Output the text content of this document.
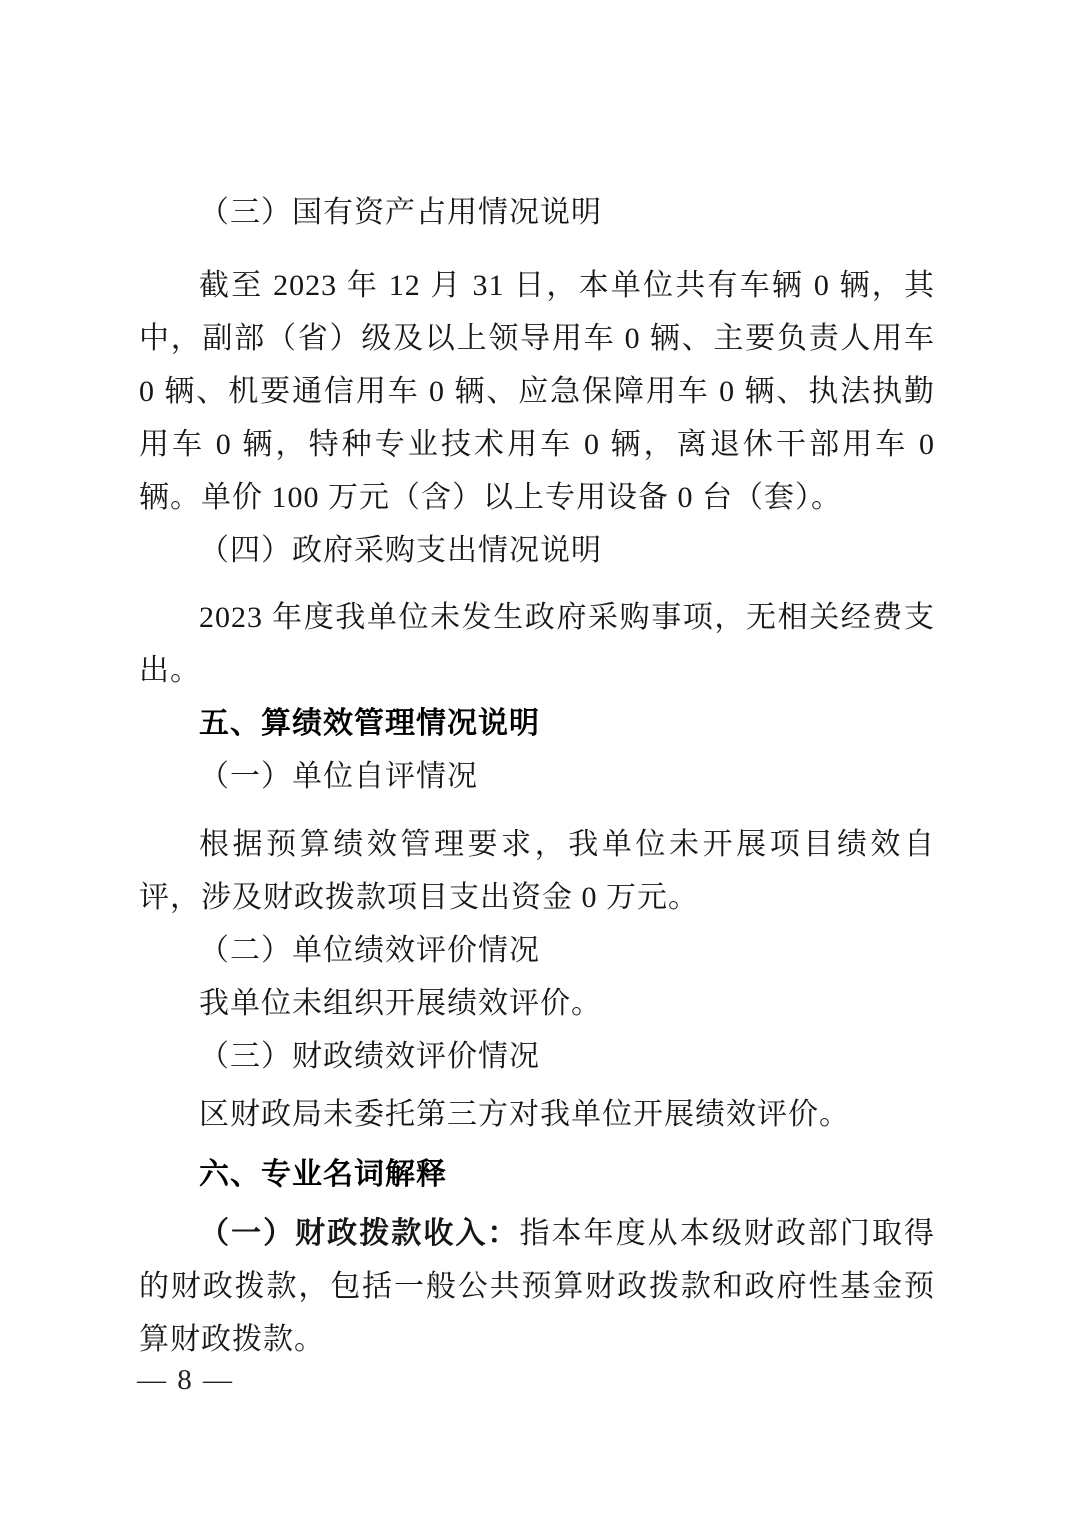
（三）国有资产占用情况说明

截至 2023 年 12 月 31 日，本单位共有车辆 0 辆，其中，副部（省）级及以上领导用车 0 辆、主要负责人用车 0 辆、机要通信用车 0 辆、应急保障用车 0 辆、执法执勤用车 0 辆，特种专业技术用车 0 辆，离退休干部用车 0 辆。单价 100 万元（含）以上专用设备 0 台（套）。

（四）政府采购支出情况说明

2023 年度我单位未发生政府采购事项，无相关经费支出。

五、算绩效管理情况说明

（一）单位自评情况

根据预算绩效管理要求，我单位未开展项目绩效自评，涉及财政拨款项目支出资金 0 万元。

（二）单位绩效评价情况

我单位未组织开展绩效评价。

（三）财政绩效评价情况

区财政局未委托第三方对我单位开展绩效评价。

六、专业名词解释

（一）财政拨款收入：指本年度从本级财政部门取得的财政拨款，包括一般公共预算财政拨款和政府性基金预算财政拨款。

— 8 —
